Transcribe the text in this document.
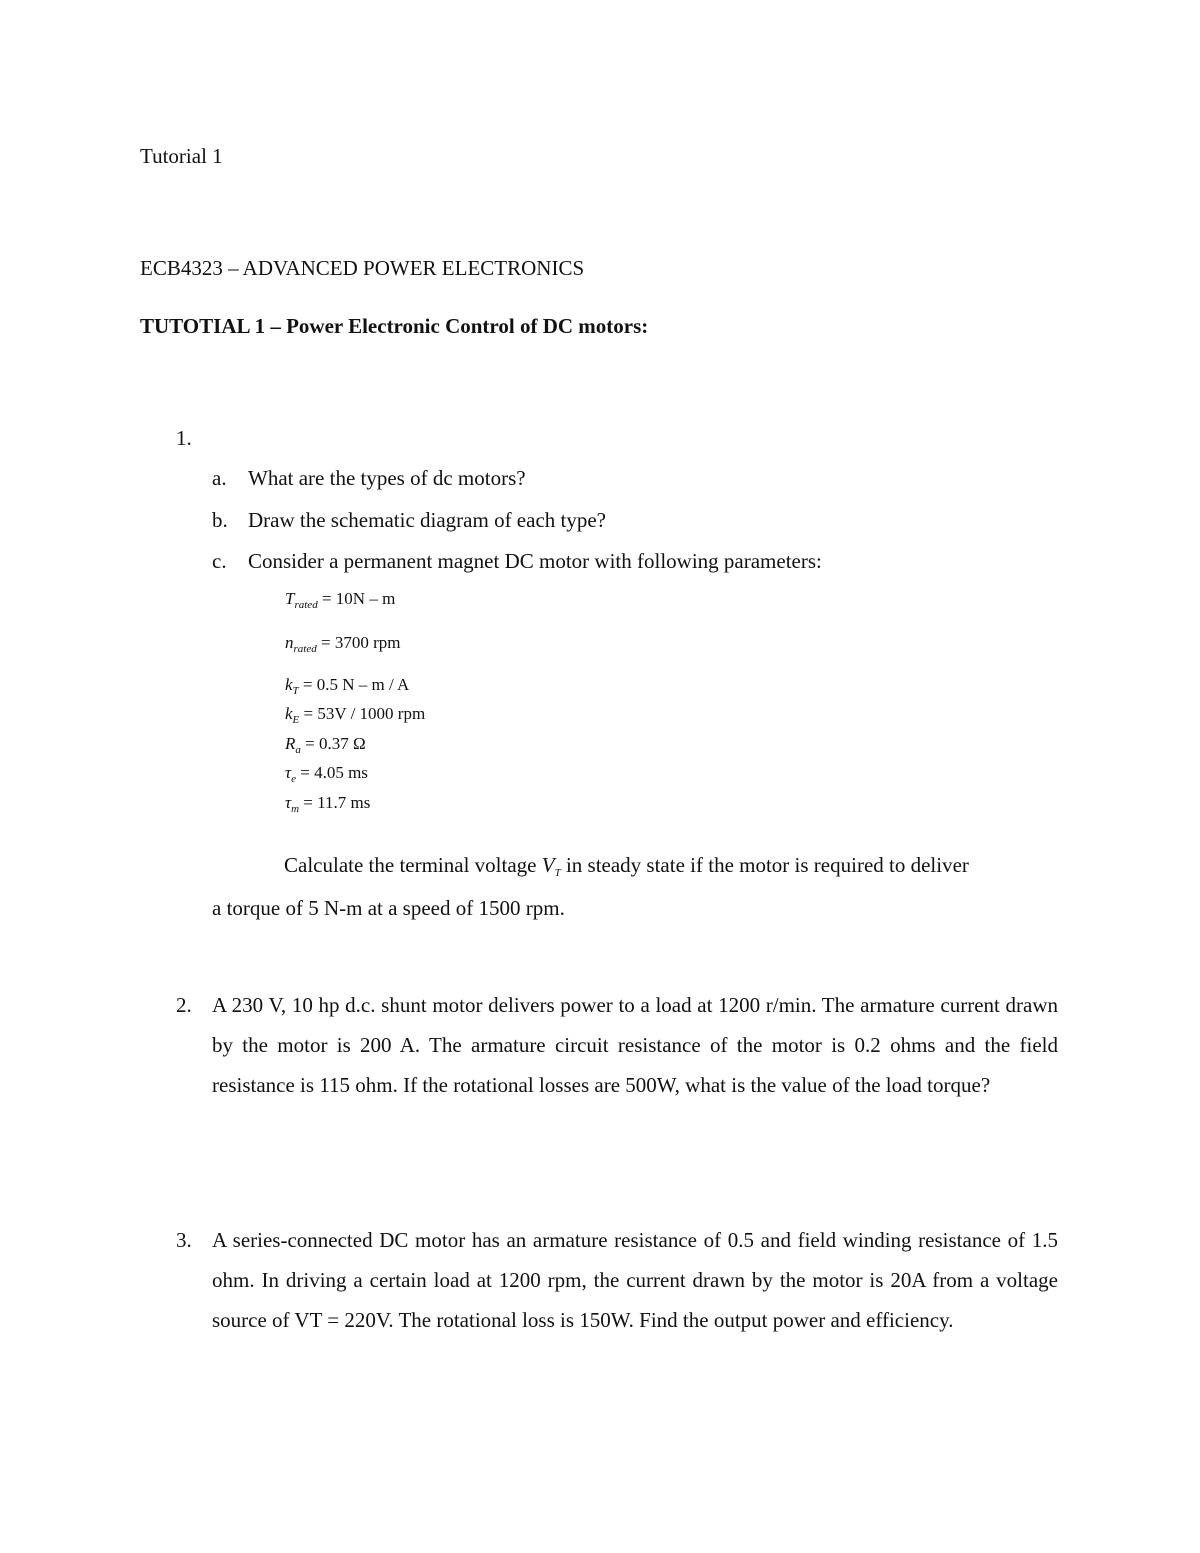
Tutorial 1
ECB4323 – ADVANCED POWER ELECTRONICS
TUTOTIAL 1 – Power Electronic Control of DC motors:
1.
a. What are the types of dc motors?
b. Draw the schematic diagram of each type?
c. Consider a permanent magnet DC motor with following parameters:
$T_{rated} = 10N - m$
$n_{rated} = 3700$ rpm
$k_T = 0.5$ N – m / A
$k_E = 53V / 1000$ rpm
$R_a = 0.37$ Ω
$\tau_e = 4.05$ ms
$\tau_m = 11.7$ ms
Calculate the terminal voltage VT in steady state if the motor is required to deliver
a torque of 5 N-m at a speed of 1500 rpm.
2. A 230 V, 10 hp d.c. shunt motor delivers power to a load at 1200 r/min. The armature current drawn by the motor is 200 A. The armature circuit resistance of the motor is 0.2 ohms and the field resistance is 115 ohm. If the rotational losses are 500W, what is the value of the load torque?
3. A series-connected DC motor has an armature resistance of 0.5 and field winding resistance of 1.5 ohm. In driving a certain load at 1200 rpm, the current drawn by the motor is 20A from a voltage source of VT = 220V. The rotational loss is 150W. Find the output power and efficiency.
